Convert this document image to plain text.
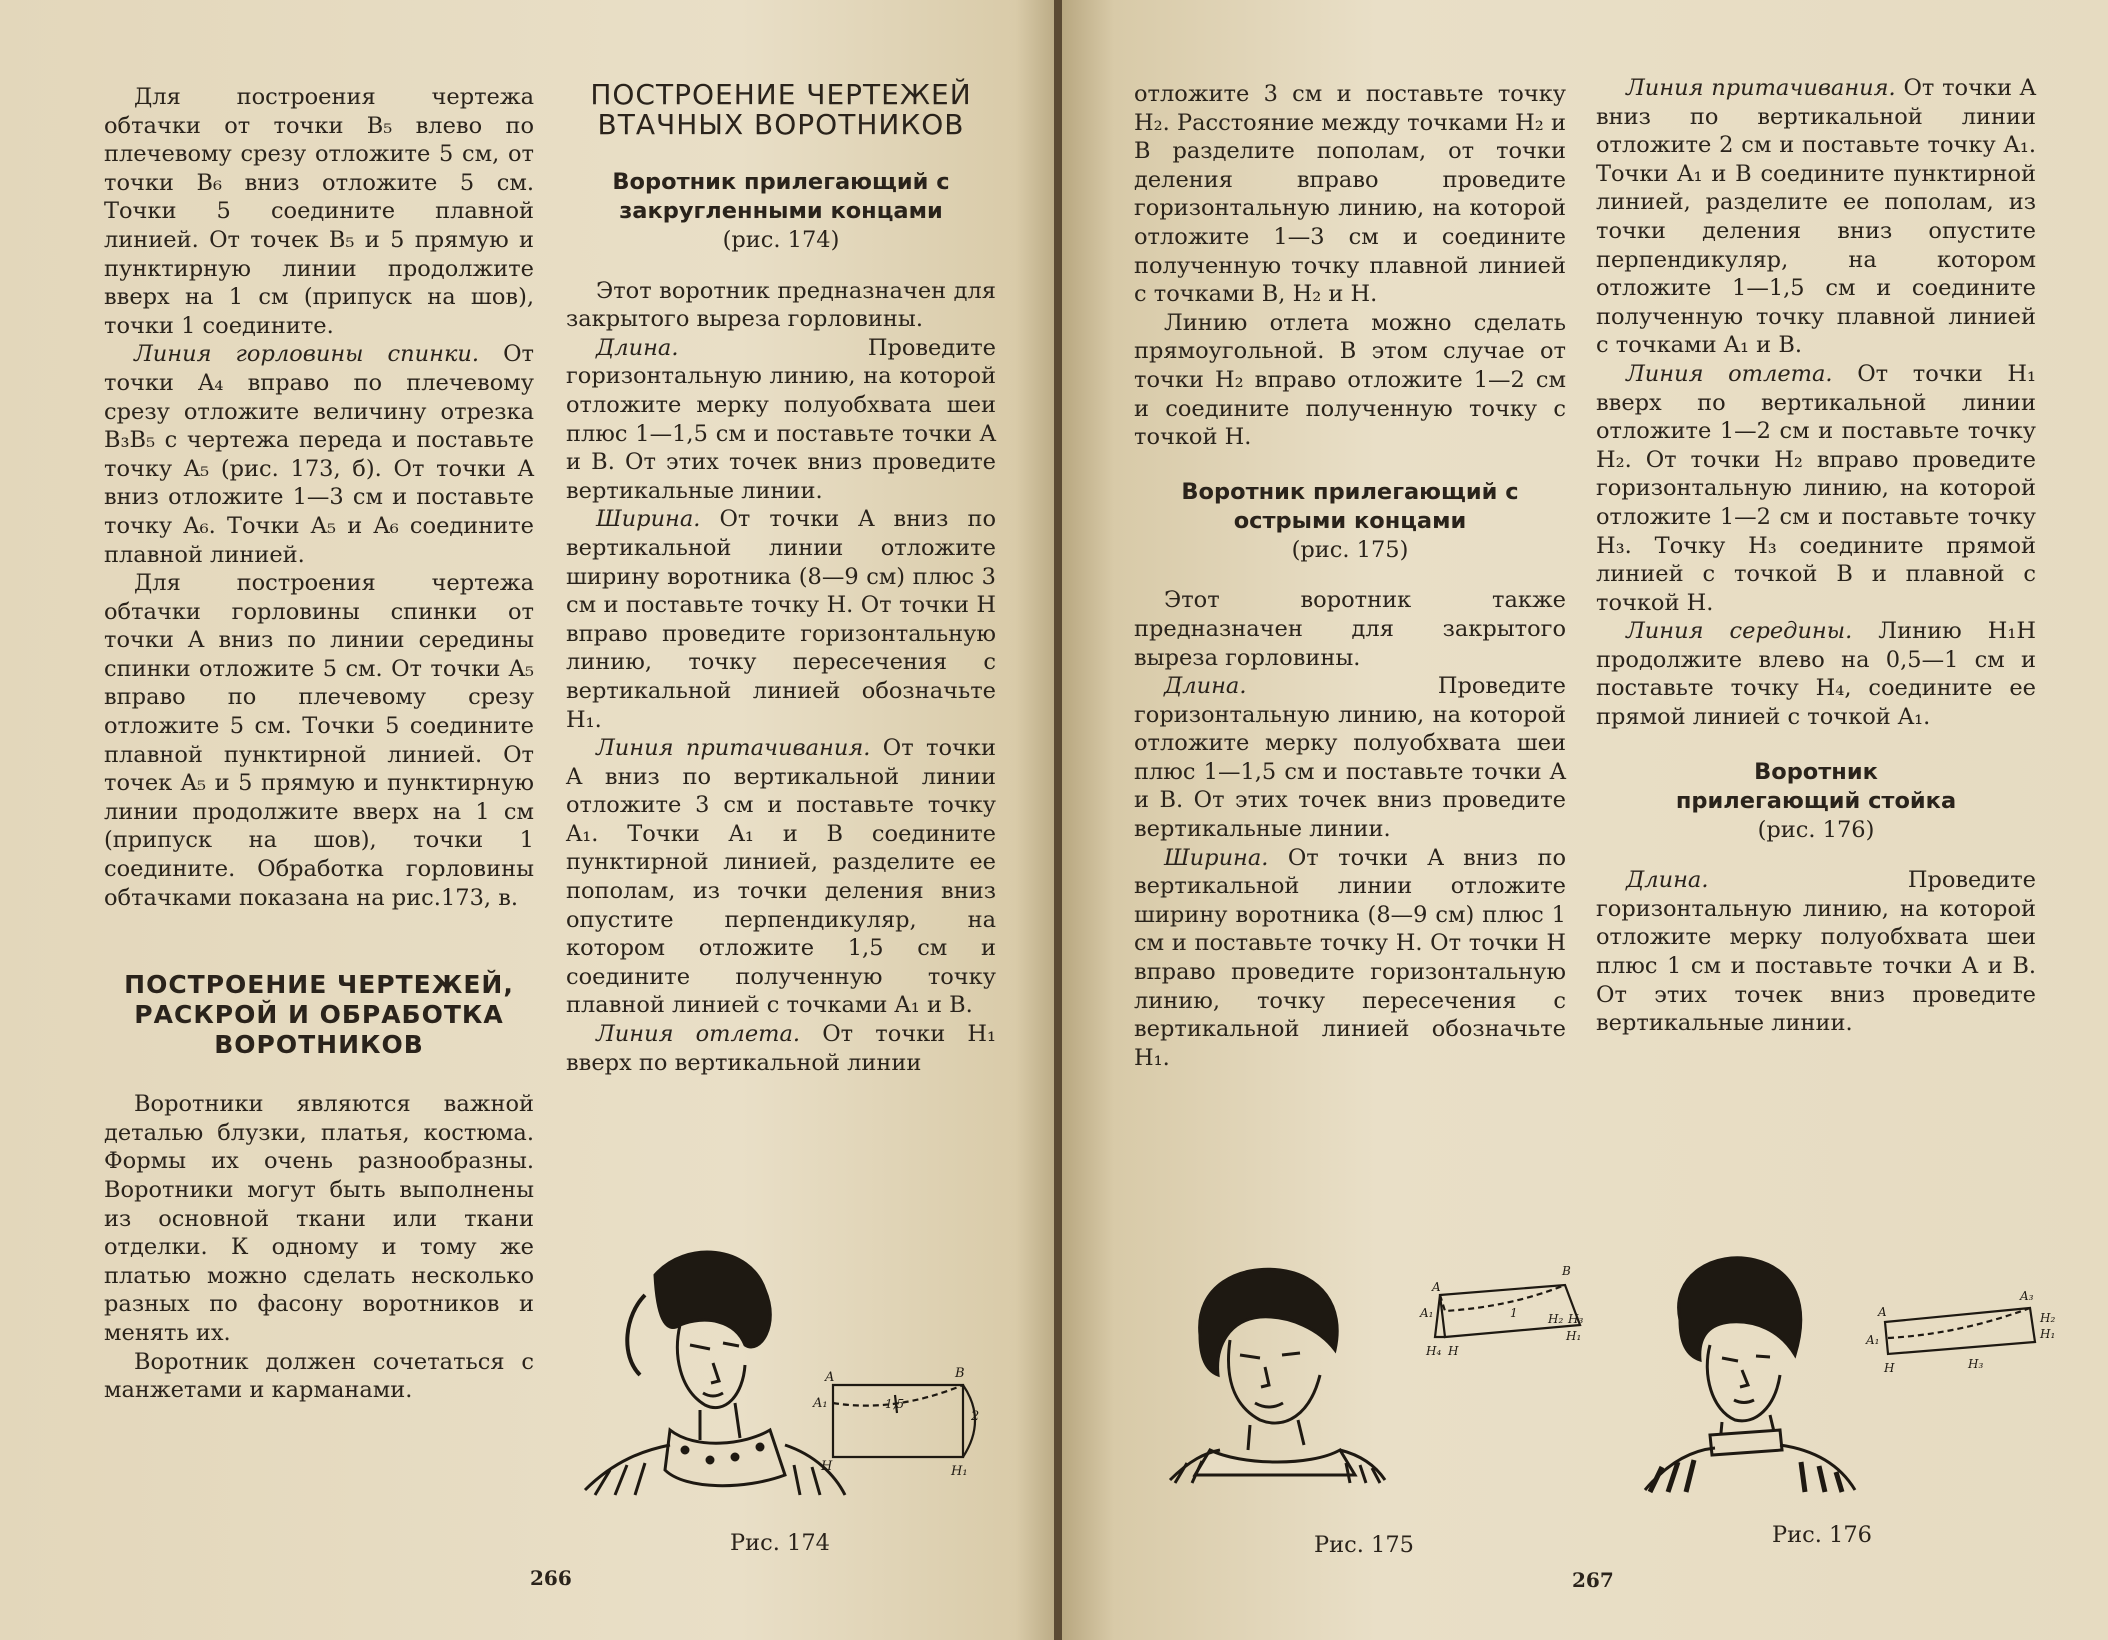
Для построения чертежа обтачки от точки B₅ влево по плечевому срезу отложите 5 см, от точки B₆ вниз отложите 5 см. Точки 5 соедините плавной линией. От точек B₅ и 5 прямую и пунктирную линии продолжите вверх на 1 см (припуск на шов), точки 1 соедините.

Линия горловины спинки. От точки A₄ вправо по плечевому срезу отложите величину отрезка B₃B₅ с чертежа переда и поставьте точку A₅ (рис. 173, б). От точки A вниз отложите 1—3 см и поставьте точку A₆. Точки A₅ и A₆ соедините плавной линией.

Для построения чертежа обтачки горловины спинки от точки A вниз по линии середины спинки отложите 5 см. От точки A₅ вправо по плечевому срезу отложите 5 см. Точки 5 соедините плавной пунктирной линией. От точек A₅ и 5 прямую и пунктирную линии продолжите вверх на 1 см (припуск на шов), точки 1 соедините. Обработка горловины обтачками показана на рис.173, в.

ПОСТРОЕНИЕ ЧЕРТЕЖЕЙ, РАСКРОЙ И ОБРАБОТКА ВОРОТНИКОВ

Воротники являются важной деталью блузки, платья, костюма. Формы их очень разнообразны. Воротники могут быть выполнены из основной ткани или ткани отделки. К одному и тому же платью можно сделать несколько разных по фасону воротников и менять их.

Воротник должен сочетаться с манжетами и карманами.

ПОСТРОЕНИЕ ЧЕРТЕЖЕЙ ВТАЧНЫХ ВОРОТНИКОВ
Воротник прилегающий с закругленными концами

(рис. 174)

Этот воротник предназначен для закрытого выреза горловины.

Длина. Проведите горизонтальную линию, на которой отложите мерку полуобхвата шеи плюс 1—1,5 см и поставьте точки A и B. От этих точек вниз проведите вертикальные линии.

Ширина. От точки A вниз по вертикальной линии отложите ширину воротника (8—9 см) плюс 3 см и поставьте точку H. От точки H вправо проведите горизонтальную линию, точку пересечения с вертикальной линией обозначьте H₁.

Линия притачивания. От точки A вниз по вертикальной линии отложите 3 см и поставьте точку A₁. Точки A₁ и B соедините пунктирной линией, разделите ее пополам, из точки деления вниз опустите перпендикуляр, на котором отложите 1,5 см и соедините полученную точку плавной линией с точками A₁ и B.

Линия отлета. От точки H₁ вверх по вертикальной линии

A	B
A₁	1,5
2
H	H₁
Рис. 174
266

отложите 3 см и поставьте точку H₂. Расстояние между точками H₂ и B разделите пополам, от точки деления вправо проведите горизонтальную линию, на которой отложите 1—3 см и соедините полученную точку плавной линией с точками B, H₂ и H.

Линию отлета можно сделать прямоугольной. В этом случае от точки H₂ вправо отложите 1—2 см и соедините полученную точку с точкой H.

Воротник прилегающий с острыми концами

(рис. 175)

Этот воротник также предназначен для закрытого выреза горловины.

Длина. Проведите горизонтальную линию, на которой отложите мерку полуобхвата шеи плюс 1—1,5 см и поставьте точки A и B. От этих точек вниз проведите вертикальные линии.

Ширина. От точки A вниз по вертикальной линии отложите ширину воротника (8—9 см) плюс 1 см и поставьте точку H. От точки H вправо проведите горизонтальную линию, точку пересечения с вертикальной линией обозначьте H₁.

Линия притачивания. От точки A вниз по вертикальной линии отложите 2 см и поставьте точку A₁. Точки A₁ и B соедините пунктирной линией, разделите ее пополам, из точки деления вниз опустите перпендикуляр, на котором отложите 1—1,5 см и соедините полученную точку плавной линией с точками A₁ и B.

Линия отлета. От точки H₁ вверх по вертикальной линии отложите 1—2 см и поставьте точку H₂. От точки H₂ вправо проведите горизонтальную линию, на которой отложите 1—2 см и поставьте точку H₃. Точку H₃ соедините прямой линией с точкой B и плавной с точкой H.

Линия середины. Линию H₁H продолжите влево на 0,5—1 см и поставьте точку H₄, соедините ее прямой линией с точкой A₁.

Воротник прилегающий стойка

(рис. 176)

Длина. Проведите горизонтальную линию, на которой отложите мерку полуобхвата шеи плюс 1 см и поставьте точки A и B. От этих точек вниз проведите вертикальные линии.

A
B
A₁	1	H₂ H₃
H₁
H₄ H
Рис. 175
A
A₃
A₁
H₂
H₁
H	H₃
Рис. 176
267
